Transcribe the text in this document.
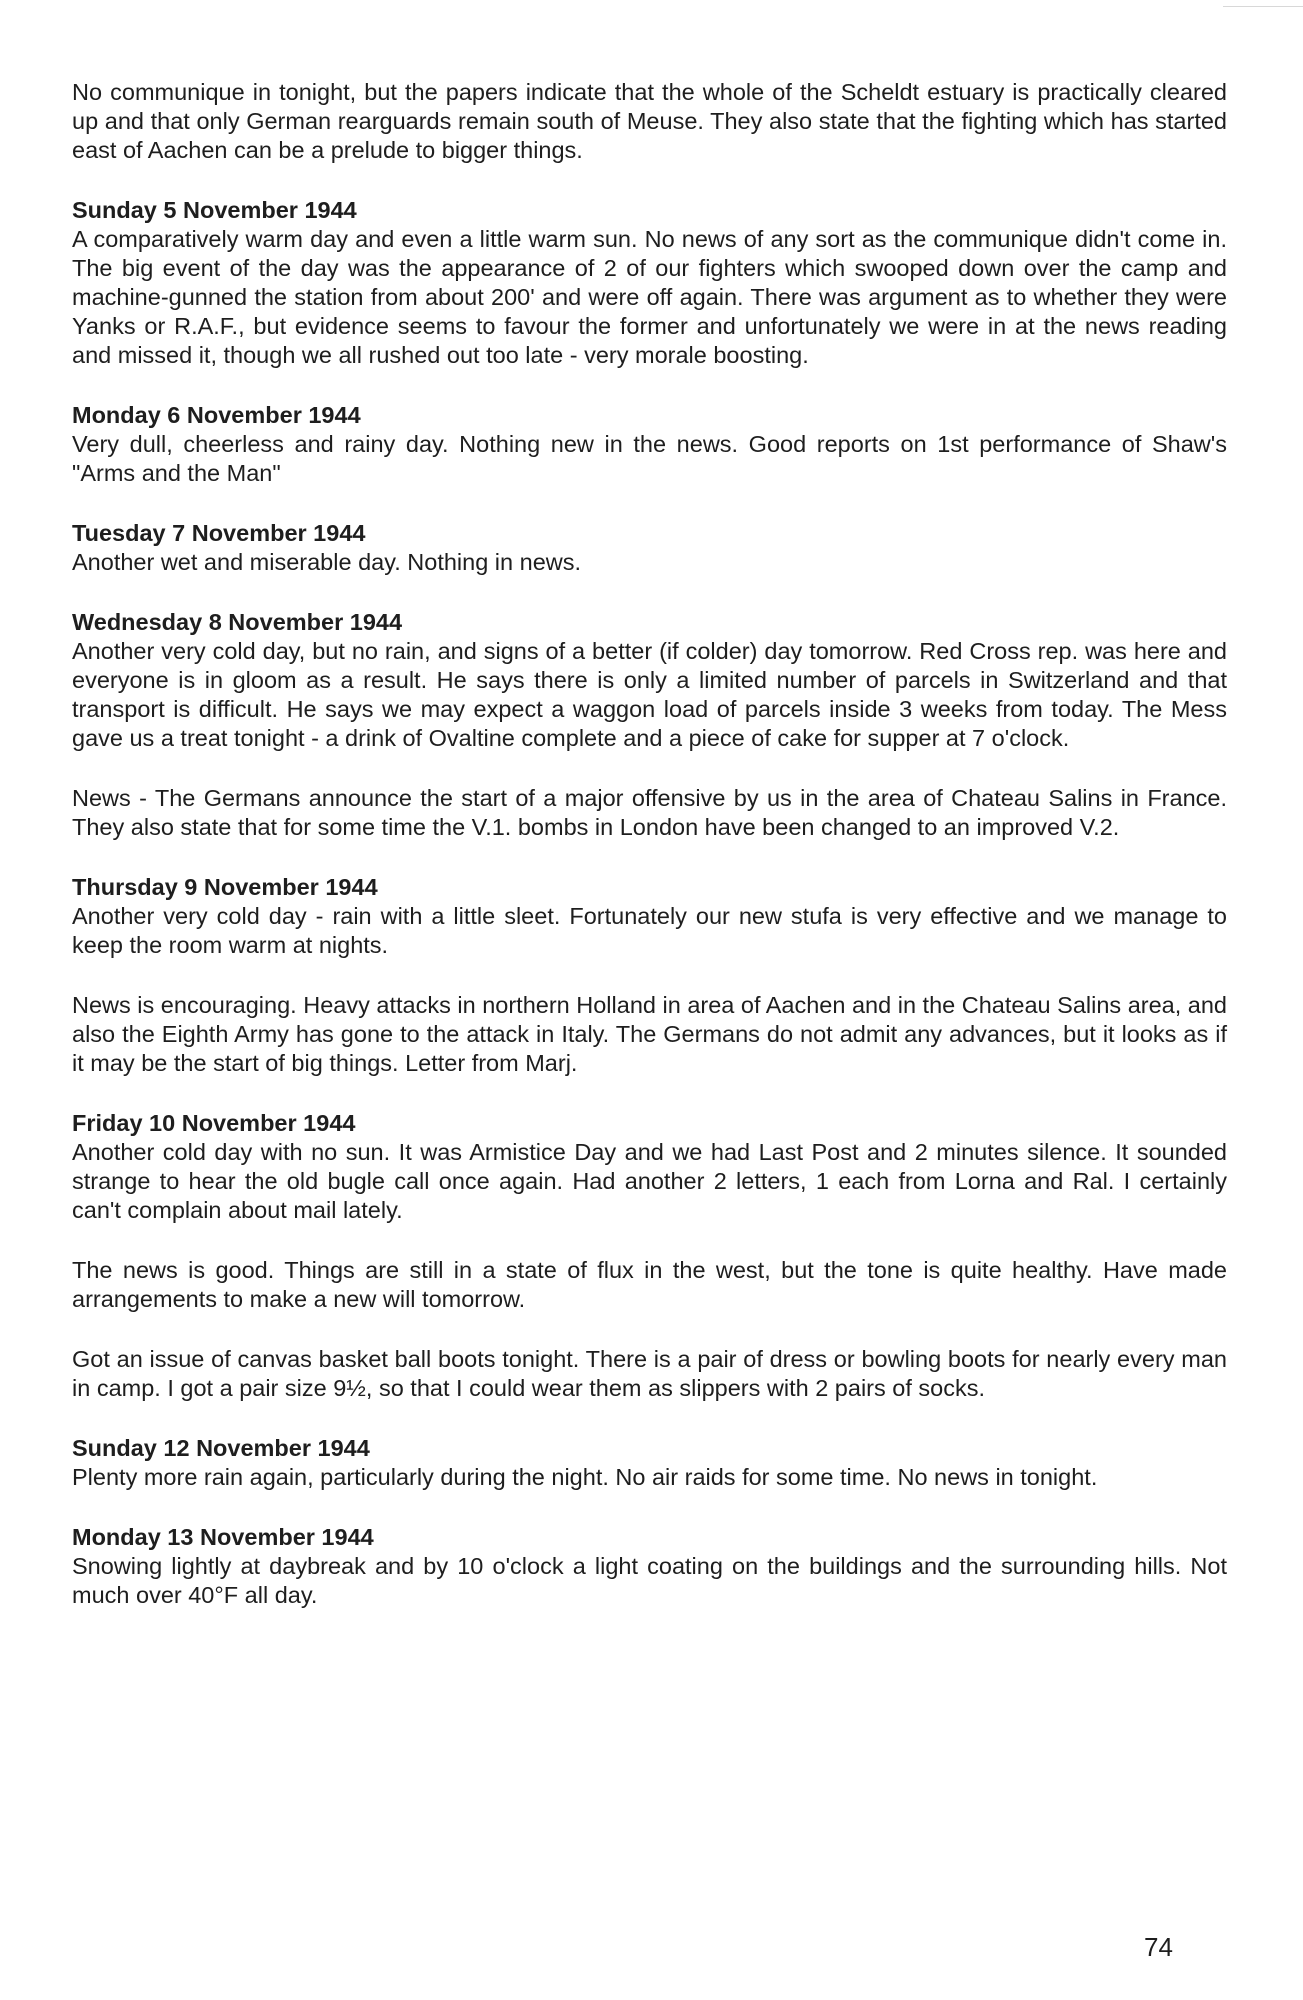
No communique in tonight, but the papers indicate that the whole of the Scheldt estuary is practically cleared up and that only German rearguards remain south of Meuse. They also state that the fighting which has started east of Aachen can be a prelude to bigger things.

Sunday 5 November 1944

A comparatively warm day and even a little warm sun. No news of any sort as the communique didn't come in. The big event of the day was the appearance of 2 of our fighters which swooped down over the camp and machine-gunned the station from about 200' and were off again. There was argument as to whether they were Yanks or R.A.F., but evidence seems to favour the former and unfortunately we were in at the news reading and missed it, though we all rushed out too late - very morale boosting.

Monday 6 November 1944

Very dull, cheerless and rainy day. Nothing new in the news. Good reports on 1st performance of Shaw's "Arms and the Man"

Tuesday 7 November 1944

Another wet and miserable day. Nothing in news.

Wednesday 8 November 1944

Another very cold day, but no rain, and signs of a better (if colder) day tomorrow. Red Cross rep. was here and everyone is in gloom as a result. He says there is only a limited number of parcels in Switzerland and that transport is difficult. He says we may expect a waggon load of parcels inside 3 weeks from today. The Mess gave us a treat tonight - a drink of Ovaltine complete and a piece of cake for supper at 7 o'clock.

News - The Germans announce the start of a major offensive by us in the area of Chateau Salins in France. They also state that for some time the V.1. bombs in London have been changed to an improved V.2.

Thursday 9 November 1944

Another very cold day - rain with a little sleet. Fortunately our new stufa is very effective and we manage to keep the room warm at nights.

News is encouraging. Heavy attacks in northern Holland in area of Aachen and in the Chateau Salins area, and also the Eighth Army has gone to the attack in Italy. The Germans do not admit any advances, but it looks as if it may be the start of big things. Letter from Marj.

Friday 10 November 1944

Another cold day with no sun. It was Armistice Day and we had Last Post and 2 minutes silence. It sounded strange to hear the old bugle call once again. Had another 2 letters, 1 each from Lorna and Ral. I certainly can't complain about mail lately.

The news is good. Things are still in a state of flux in the west, but the tone is quite healthy. Have made arrangements to make a new will tomorrow.

Got an issue of canvas basket ball boots tonight. There is a pair of dress or bowling boots for nearly every man in camp. I got a pair size 9½, so that I could wear them as slippers with 2 pairs of socks.

Sunday 12 November 1944

Plenty more rain again, particularly during the night. No air raids for some time. No news in tonight.

Monday 13 November 1944

Snowing lightly at daybreak and by 10 o'clock a light coating on the buildings and the surrounding hills. Not much over 40°F all day.

74
